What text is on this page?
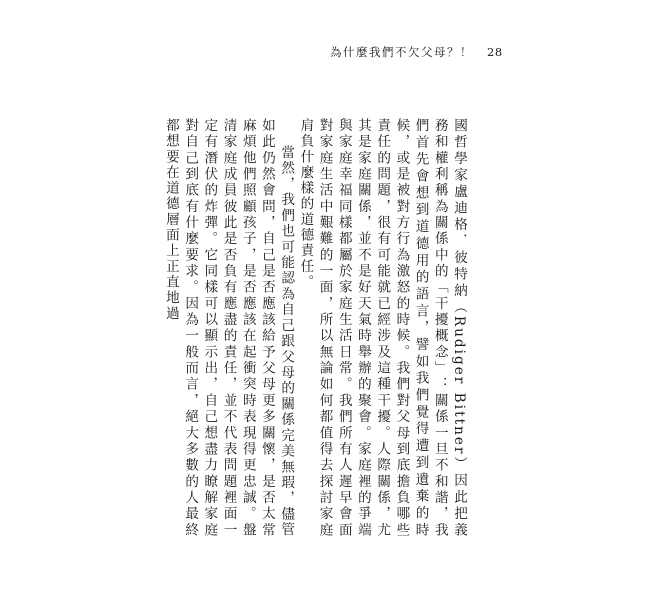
為什麼我們不欠父母？！ 28

國哲學家盧迪格．彼特納（Rudiger Bittner）因此把義務和權利稱為關係中的「干擾概念」：關係一旦不和諧，我們首先會想到道德用的語言，譬如我們覺得遭到遺棄的時候，或是被對方行為激怒的時候。我們對父母到底擔負哪些責任的問題，很有可能就已經涉及這種干擾。人際關係，尤其是家庭關係，並不是好天氣時舉辦的聚會。家庭裡的爭端與家庭幸福同樣都屬於家庭生活日常。我們所有人遲早會面對家庭生活中艱難的一面，所以無論如何都值得去探討家庭肩負什麼樣的道德責任。

當然，我們也可能認為自己跟父母的關係完美無瑕，儘管如此仍然會問，自己是否應該給予父母更多關懷，是否太常麻煩他們照顧孩子，是否應該在起衝突時表現得更忠誠。盤清家庭成員彼此是否負有應盡的責任，並不代表問題裡面一定有潛伏的炸彈。它同樣可以顯示出，自己想盡力瞭解家庭對自己到底有什麼要求。因為一般而言，絕大多數的人最終都想要在道德層面上正直地過
